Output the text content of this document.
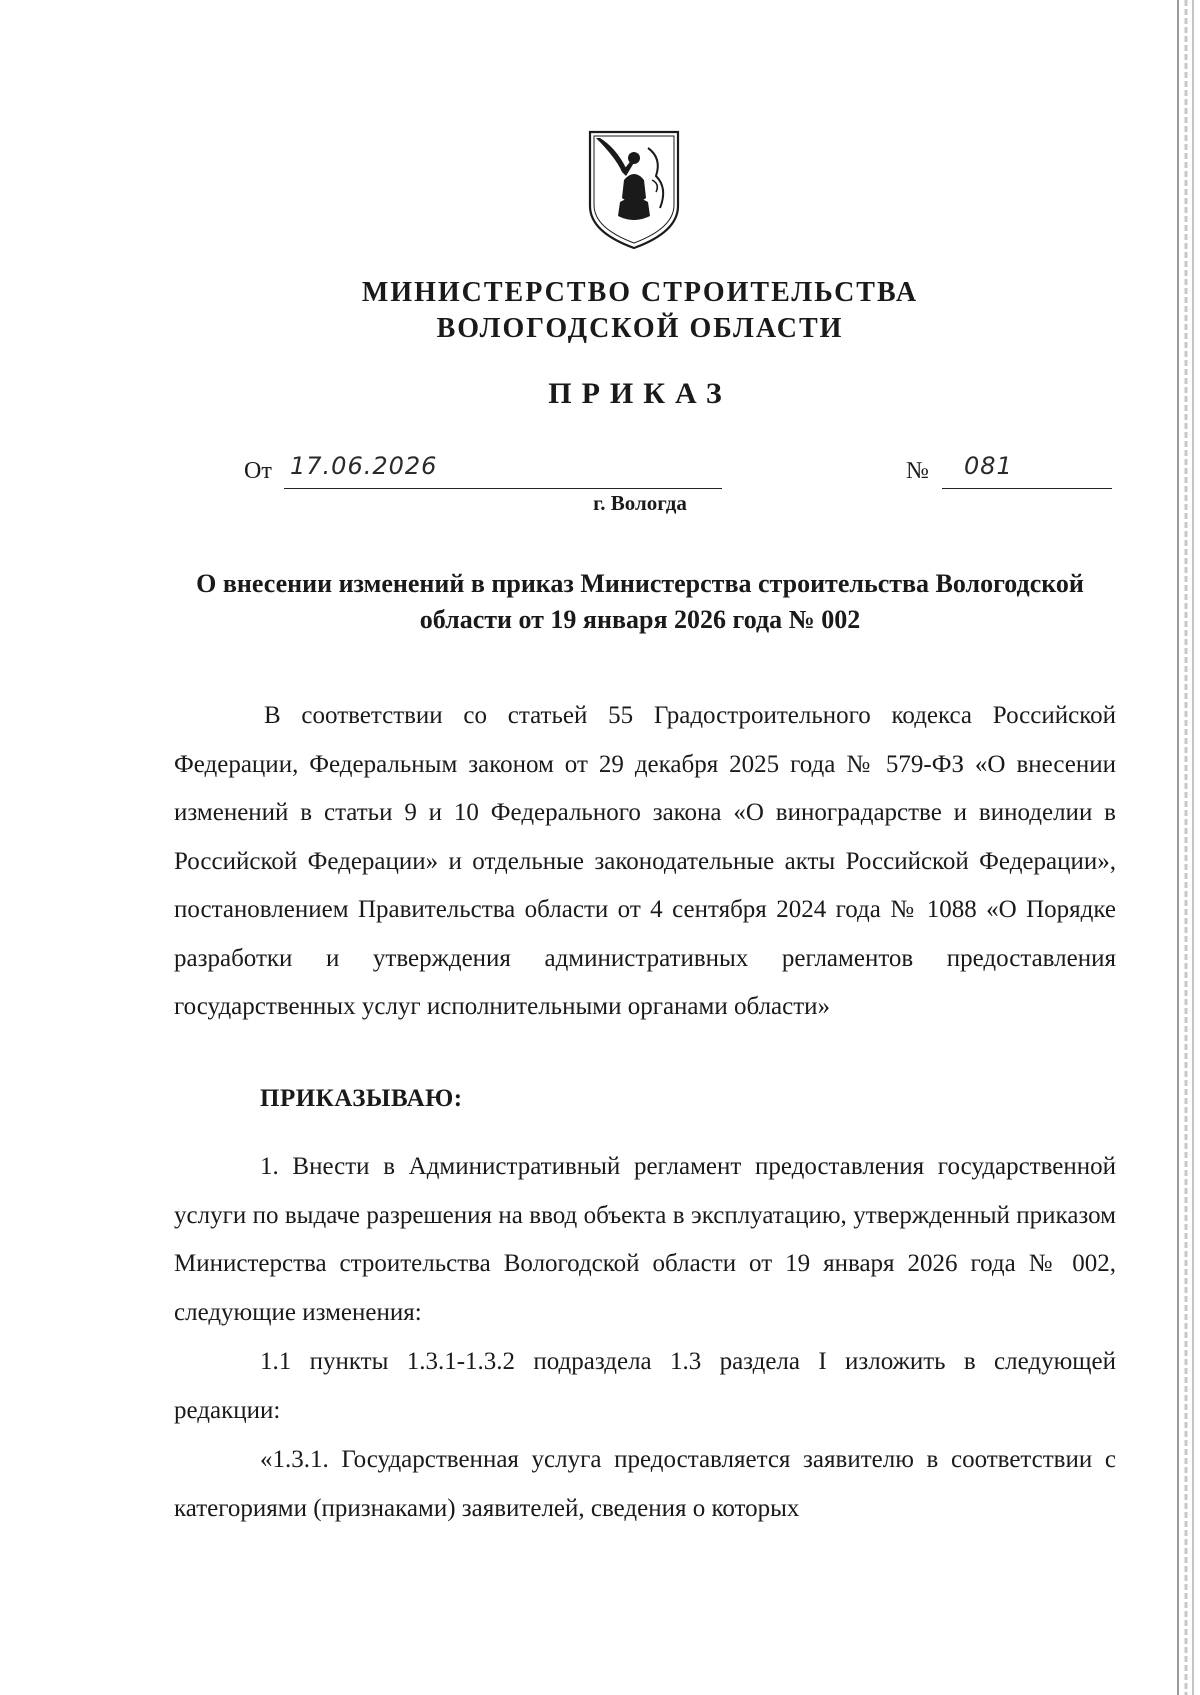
МИНИСТЕРСТВО СТРОИТЕЛЬСТВА
ВОЛОГОДСКОЙ ОБЛАСТИ
ПРИКАЗ
От 17.06.2026	№ 081
г. Вологда
О внесении изменений в приказ Министерства строительства Вологодской области от 19 января 2026 года № 002
В соответствии со статьей 55 Градостроительного кодекса Российской Федерации, Федеральным законом от 29 декабря 2025 года № 579-ФЗ «О внесении изменений в статьи 9 и 10 Федерального закона «О виноградарстве и виноделии в Российской Федерации» и отдельные законодательные акты Российской Федерации», постановлением Правительства области от 4 сентября 2024 года № 1088 «О Порядке разработки и утверждения административных регламентов предоставления государственных услуг исполнительными органами области»
ПРИКАЗЫВАЮ:
1. Внести в Административный регламент предоставления государственной услуги по выдаче разрешения на ввод объекта в эксплуатацию, утвержденный приказом Министерства строительства Вологодской области от 19 января 2026 года № 002, следующие изменения:
1.1 пункты 1.3.1-1.3.2 подраздела 1.3 раздела I изложить в следующей редакции:
«1.3.1. Государственная услуга предоставляется заявителю в соответствии с категориями (признаками) заявителей, сведения о которых
